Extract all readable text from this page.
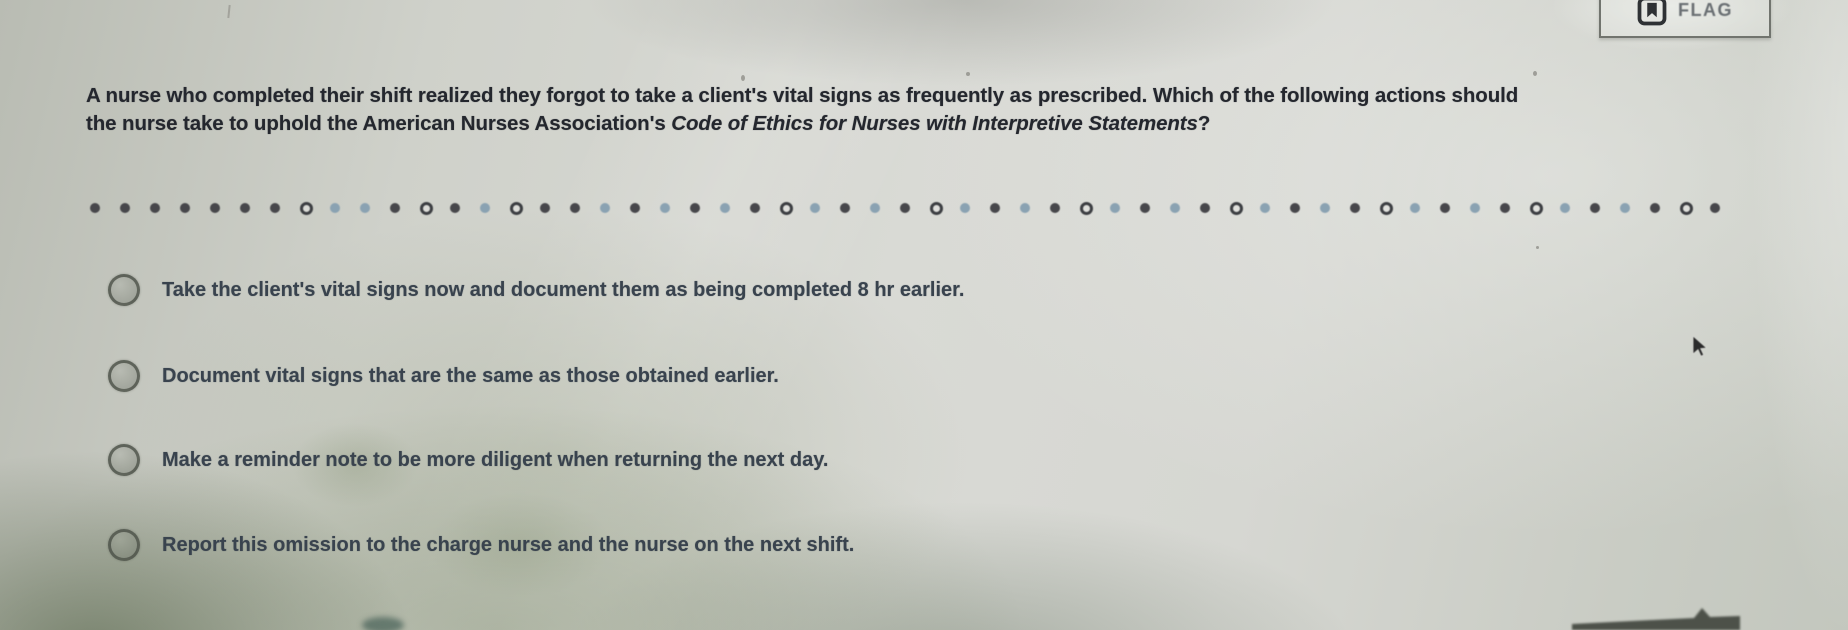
FLAG
A nurse who completed their shift realized they forgot to take a client's vital signs as frequently as prescribed. Which of the following actions should the nurse take to uphold the American Nurses Association's Code of Ethics for Nurses with Interpretive Statements?
Take the client's vital signs now and document them as being completed 8 hr earlier.
Document vital signs that are the same as those obtained earlier.
Make a reminder note to be more diligent when returning the next day.
Report this omission to the charge nurse and the nurse on the next shift.
